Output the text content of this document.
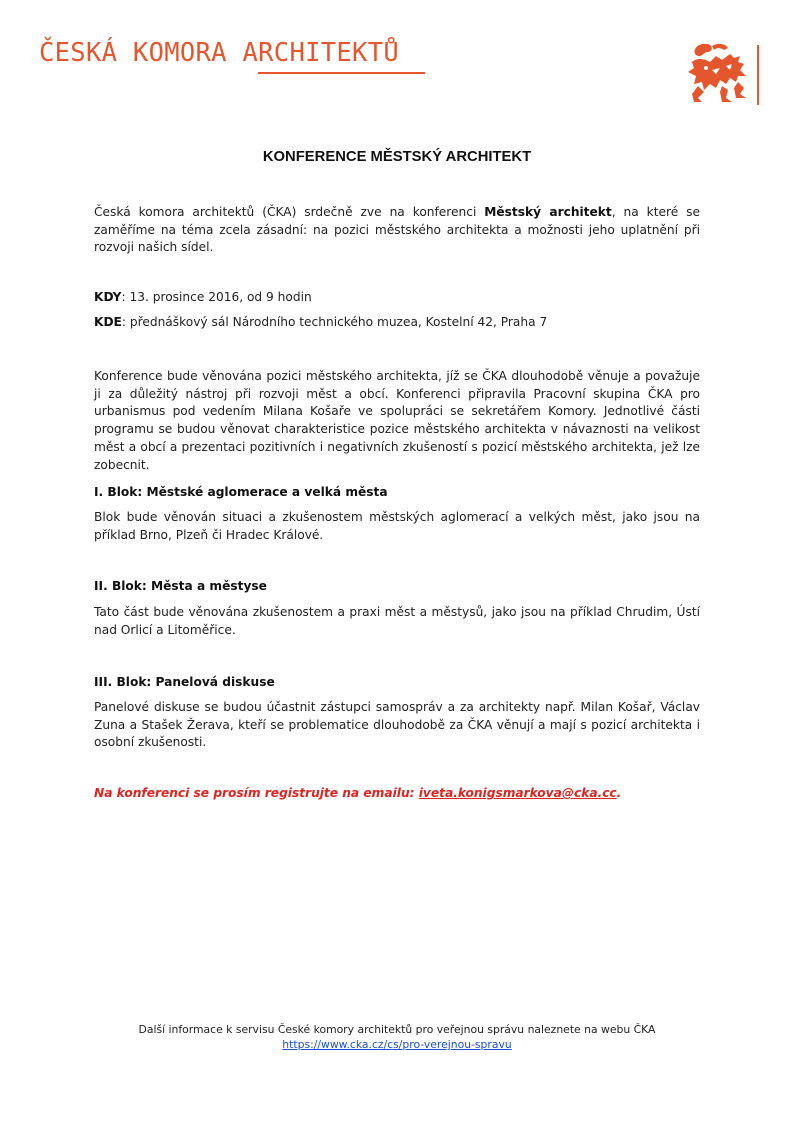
ČESKÁ KOMORA ARCHITEKTŮ
KONFERENCE MĚSTSKÝ ARCHITEKT

Česká komora architektů (ČKA) srdečně zve na konferenci Městský architekt, na které se zaměříme na téma zcela zásadní: na pozici městského architekta a možnosti jeho uplatnění při rozvoji našich sídel.

KDY: 13. prosince 2016, od 9 hodin

KDE: přednáškový sál Národního technického muzea, Kostelní 42, Praha 7

Konference bude věnována pozici městského architekta, jíž se ČKA dlouhodobě věnuje a považuje ji za důležitý nástroj při rozvoji měst a obcí. Konferenci připravila Pracovní skupina ČKA pro urbanismus pod vedením Milana Košaře ve spolupráci se sekretářem Komory. Jednotlivé části programu se budou věnovat charakteristice pozice městského architekta v návaznosti na velikost měst a obcí a prezentaci pozitivních i negativních zkušeností s pozicí městského architekta, jež lze zobecnit.

I. Blok: Městské aglomerace a velká města

Blok bude věnován situaci a zkušenostem městských aglomerací a velkých měst, jako jsou na příklad Brno, Plzeň či Hradec Králové.

II. Blok: Města a městyse

Tato část bude věnována zkušenostem a praxi měst a městysů, jako jsou na příklad Chrudim, Ústí nad Orlicí a Litoměřice.

III. Blok: Panelová diskuse

Panelové diskuse se budou účastnit zástupci samospráv a za architekty např. Milan Košař, Václav Zuna a Stašek Žerava, kteří se problematice dlouhodobě za ČKA věnují a mají s pozicí architekta i osobní zkušenosti.

Na konferenci se prosím registrujte na emailu: iveta.konigsmarkova@cka.cc.

Další informace k servisu České komory architektů pro veřejnou správu naleznete na webu ČKA
https://www.cka.cz/cs/pro-verejnou-spravu
